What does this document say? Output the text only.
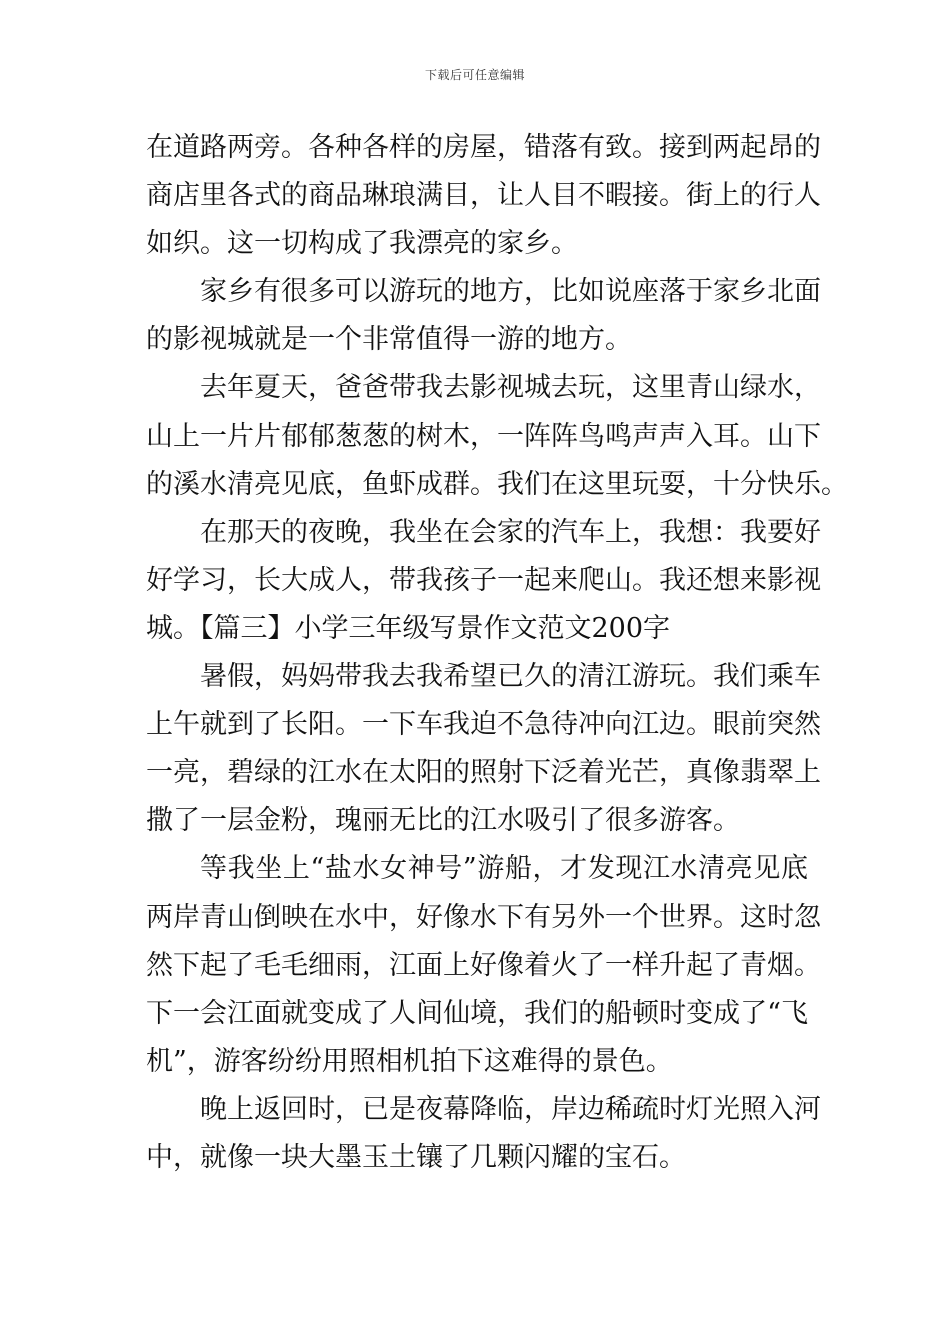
下载后可任意编辑
在道路两旁。各种各样的房屋，错落有致。接到两起昂的
商店里各式的商品琳琅满目，让人目不暇接。街上的行人
如织。这一切构成了我漂亮的家乡。
家乡有很多可以游玩的地方，比如说座落于家乡北面
的影视城就是一个非常值得一游的地方。
去年夏天，爸爸带我去影视城去玩，这里青山绿水，
山上一片片郁郁葱葱的树木，一阵阵鸟鸣声声入耳。山下
的溪水清亮见底，鱼虾成群。我们在这里玩耍，十分快乐。
在那天的夜晚，我坐在会家的汽车上，我想：我要好
好学习，长大成人，带我孩子一起来爬山。我还想来影视
城。【篇三】小学三年级写景作文范文200字
暑假，妈妈带我去我希望已久的清江游玩。我们乘车
上午就到了长阳。一下车我迫不急待冲向江边。眼前突然
一亮，碧绿的江水在太阳的照射下泛着光芒，真像翡翠上
撒了一层金粉，瑰丽无比的江水吸引了很多游客。
等我坐上“盐水女神号”游船，才发现江水清亮见底
两岸青山倒映在水中，好像水下有另外一个世界。这时忽
然下起了毛毛细雨，江面上好像着火了一样升起了青烟。
下一会江面就变成了人间仙境，我们的船顿时变成了“飞
机”，游客纷纷用照相机拍下这难得的景色。
晚上返回时，已是夜幕降临，岸边稀疏时灯光照入河
中，就像一块大墨玉土镶了几颗闪耀的宝石。
